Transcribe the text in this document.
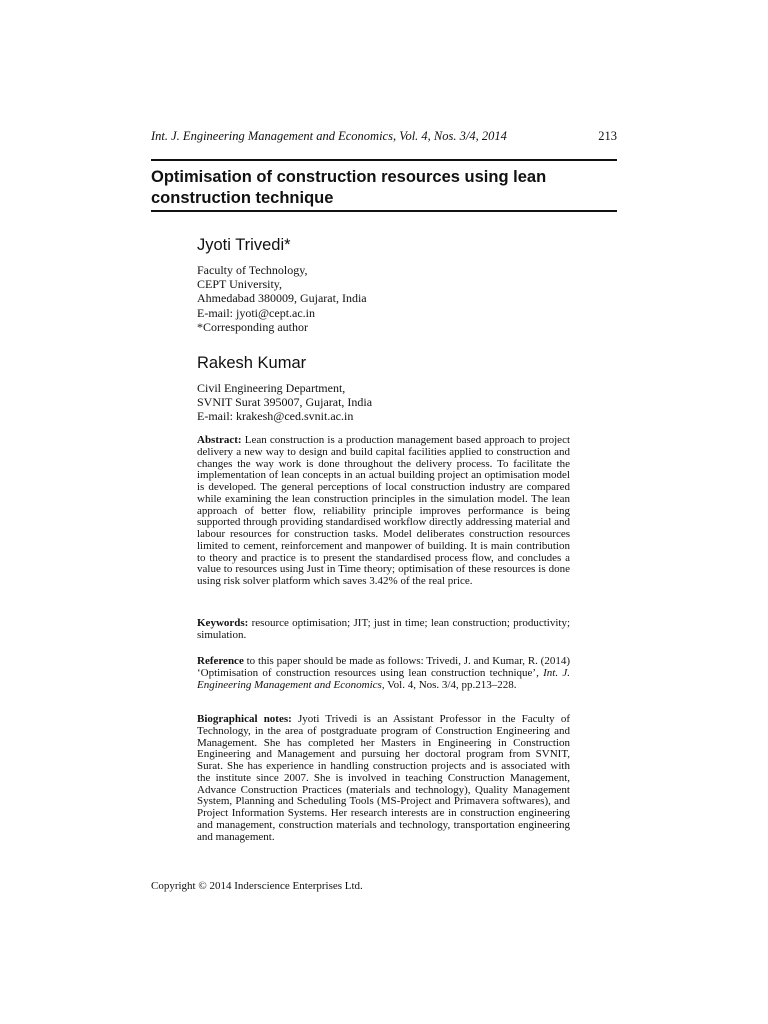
Int. J. Engineering Management and Economics, Vol. 4, Nos. 3/4, 2014	213
Optimisation of construction resources using lean construction technique
Jyoti Trivedi*
Faculty of Technology,
CEPT University,
Ahmedabad 380009, Gujarat, India
E-mail: jyoti@cept.ac.in
*Corresponding author
Rakesh Kumar
Civil Engineering Department,
SVNIT Surat 395007, Gujarat, India
E-mail: krakesh@ced.svnit.ac.in
Abstract: Lean construction is a production management based approach to project delivery a new way to design and build capital facilities applied to construction and changes the way work is done throughout the delivery process. To facilitate the implementation of lean concepts in an actual building project an optimisation model is developed. The general perceptions of local construction industry are compared while examining the lean construction principles in the simulation model. The lean approach of better flow, reliability principle improves performance is being supported through providing standardised workflow directly addressing material and labour resources for construction tasks. Model deliberates construction resources limited to cement, reinforcement and manpower of building. It is main contribution to theory and practice is to present the standardised process flow, and concludes a value to resources using Just in Time theory; optimisation of these resources is done using risk solver platform which saves 3.42% of the real price.
Keywords: resource optimisation; JIT; just in time; lean construction; productivity; simulation.
Reference to this paper should be made as follows: Trivedi, J. and Kumar, R. (2014) ‘Optimisation of construction resources using lean construction technique’, Int. J. Engineering Management and Economics, Vol. 4, Nos. 3/4, pp.213–228.
Biographical notes: Jyoti Trivedi is an Assistant Professor in the Faculty of Technology, in the area of postgraduate program of Construction Engineering and Management. She has completed her Masters in Engineering in Construction Engineering and Management and pursuing her doctoral program from SVNIT, Surat. She has experience in handling construction projects and is associated with the institute since 2007. She is involved in teaching Construction Management, Advance Construction Practices (materials and technology), Quality Management System, Planning and Scheduling Tools (MS-Project and Primavera softwares), and Project Information Systems. Her research interests are in construction engineering and management, construction materials and technology, transportation engineering and management.
Copyright © 2014 Inderscience Enterprises Ltd.
